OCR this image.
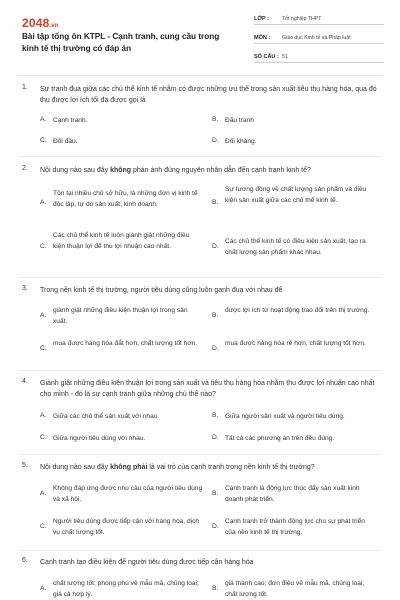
2048.vn
Bài tập tổng ôn KTPL - Cạnh tranh, cung cầu trong kinh tế thị trường có đáp án
LỚP :	Tốt nghiệp THPT
MÔN : Giáo dục Kinh tế và Pháp luật
SỐ CÂU : 51
1. Sự tranh đua giữa các chủ thể kinh tế nhằm có được những ưu thế trong sản xuất tiêu thụ hàng hóa, qua đó thu được lợi ích tối đa được gọi là
A. Cạnh tranh.	B. Đấu tranh
C. Đối đầu.	D. Đối kháng.
2. Nội dung nào sau đây không phản ánh đúng nguyên nhân dẫn đến cạnh tranh kinh tế?
A.
Tồn tại nhiều chủ sở hữu, là những đơn vị kinh tế độc lập, tự do sản xuất, kinh doanh.	B.
Sự tương đồng về chất lượng sản phẩm và điều kiện sản xuất giữa các chủ thể kinh tế.
C.
Các chủ thể kinh tế luôn giành giật những điều kiện thuận lợi để thu lợi nhuận cao nhất.	D.
Các chủ thể kinh tế có điều kiện sản xuất, tạo ra chất lượng sản phẩm khác nhau.
3. Trong nền kinh tế thị trường, người tiêu dùng cũng luôn ganh đua với nhau để
A.
giành giật những điều kiện thuận lợi trong sản xuất.
B.
được lợi ích từ hoạt động trao đổi trên thị trường.
C.
mua được hàng hóa đắt hơn, chất lượng tốt hơn.
D.
mua được hàng hóa rẻ hơn, chất lượng tốt hơn.
4. Giành giật những điều kiện thuận lợi trong sản xuất và tiêu thụ hàng hóa nhằm thu được lợi nhuận cao nhất cho mình - đó là sự cạnh tranh giữa những chủ thể nào?
A. Giữa các chủ thể sản xuất với nhau.	B. Giữa người sản xuất và người tiêu dùng.
C. Giữa người tiêu dùng với nhau.	D. Tất cả các phương án trên đều đúng.
5. Nội dung nào sau đây không phải là vai trò của cạnh tranh trong nền kinh tế thị trường?
A.
Không đáp ứng được nhu cầu của người tiêu dùng và xã hội.
B.
Cạnh tranh là động lực thúc đẩy sản xuất kinh doanh phát triển.
C.
Người tiêu dùng được tiếp cận với hàng hóa, dịch vụ chất lượng tốt.
D.
Cạnh tranh trở thành động lực cho sự phát triển của nền kinh tế thị trường.
6. Cạnh tranh tạo điều kiện để người tiêu dùng được tiếp cận hàng hóa
A.
chất lượng tốt; phong phú về mẫu mã, chủng loại; giá cả hợp lý.
B.
giá thành cao; đơn điệu về mẫu mã, chủng loại; chất lượng tốt.
